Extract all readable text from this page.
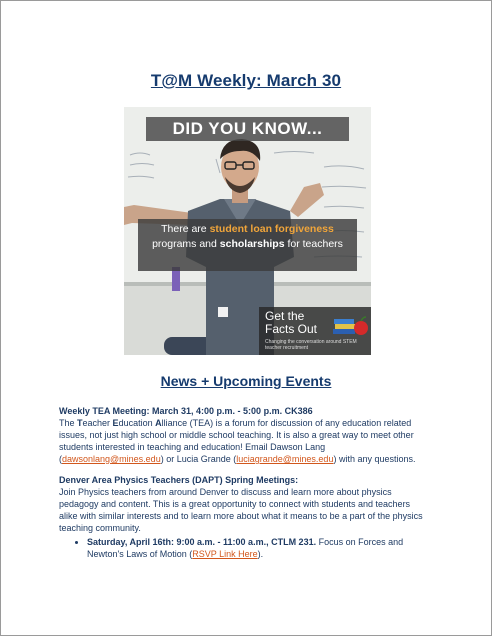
T@M Weekly: March 30
DID YOU KNOW...
There are student loan forgiveness programs and scholarships for teachers
Get the Facts Out
Changing the conversation around STEM teacher recruitment
News + Upcoming Events

Weekly TEA Meeting: March 31, 4:00 p.m. - 5:00 p.m. CK386

The Teacher Education Alliance (TEA) is a forum for discussion of any education related issues, not just high school or middle school teaching. It is also a great way to meet other students interested in teaching and education! Email Dawson Lang (dawsonlang@mines.edu) or Lucia Grande (luciagrande@mines.edu) with any questions.

Denver Area Physics Teachers (DAPT) Spring Meetings:

Join Physics teachers from around Denver to discuss and learn more about physics pedagogy and content. This is a great opportunity to connect with students and teachers alike with similar interests and to learn more about what it means to be a part of the physics teaching community.

• Saturday, April 16th: 9:00 a.m. - 11:00 a.m., CTLM 231. Focus on Forces and Newton's Laws of Motion (RSVP Link Here).
